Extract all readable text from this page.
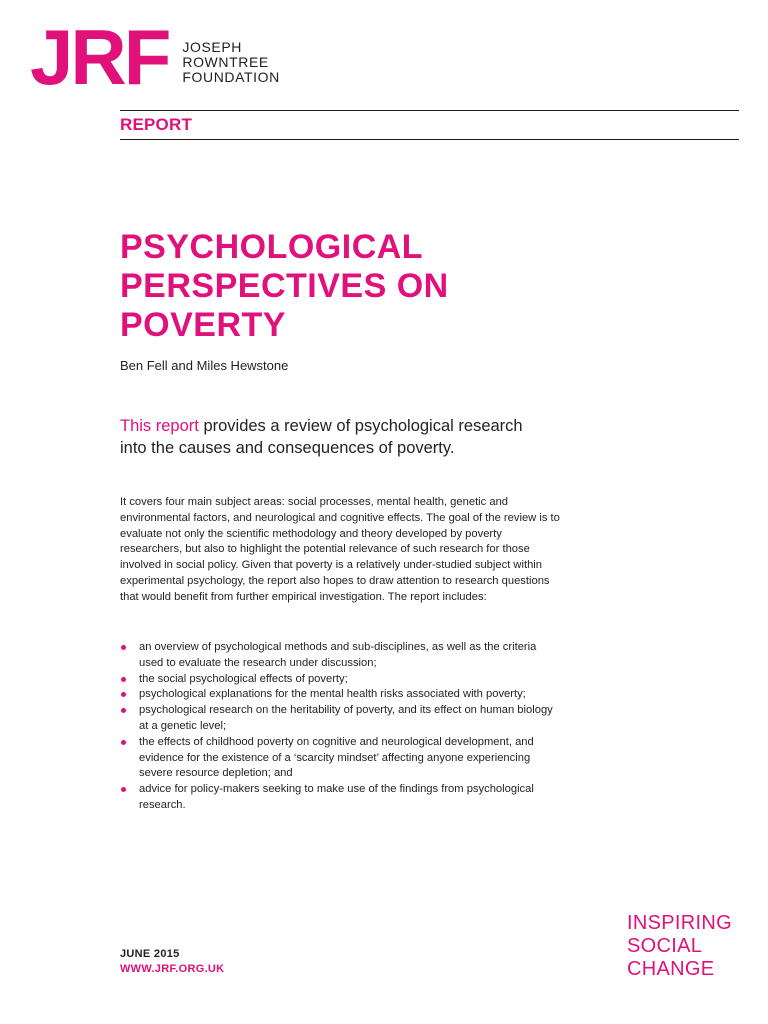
JRF JOSEPH
ROWNTREE
FOUNDATION
REPORT
PSYCHOLOGICAL
PERSPECTIVES ON
POVERTY
Ben Fell and Miles Hewstone

This report provides a review of psychological research into the causes and consequences of poverty.

It covers four main subject areas: social processes, mental health, genetic and environmental factors, and neurological and cognitive effects. The goal of the review is to evaluate not only the scientific methodology and theory developed by poverty researchers, but also to highlight the potential relevance of such research for those involved in social policy. Given that poverty is a relatively under-studied subject within experimental psychology, the report also hopes to draw attention to research questions that would benefit from further empirical investigation. The report includes:

an overview of psychological methods and sub-disciplines, as well as the criteria used to evaluate the research under discussion;
the social psychological effects of poverty;
psychological explanations for the mental health risks associated with poverty;
psychological research on the heritability of poverty, and its effect on human biology at a genetic level;
the effects of childhood poverty on cognitive and neurological development, and evidence for the existence of a ‘scarcity mindset’ affecting anyone experiencing severe resource depletion; and
advice for policy-makers seeking to make use of the findings from psychological research.
JUNE 2015
WWW.JRF.ORG.UK
INSPIRING
SOCIAL
CHANGE
